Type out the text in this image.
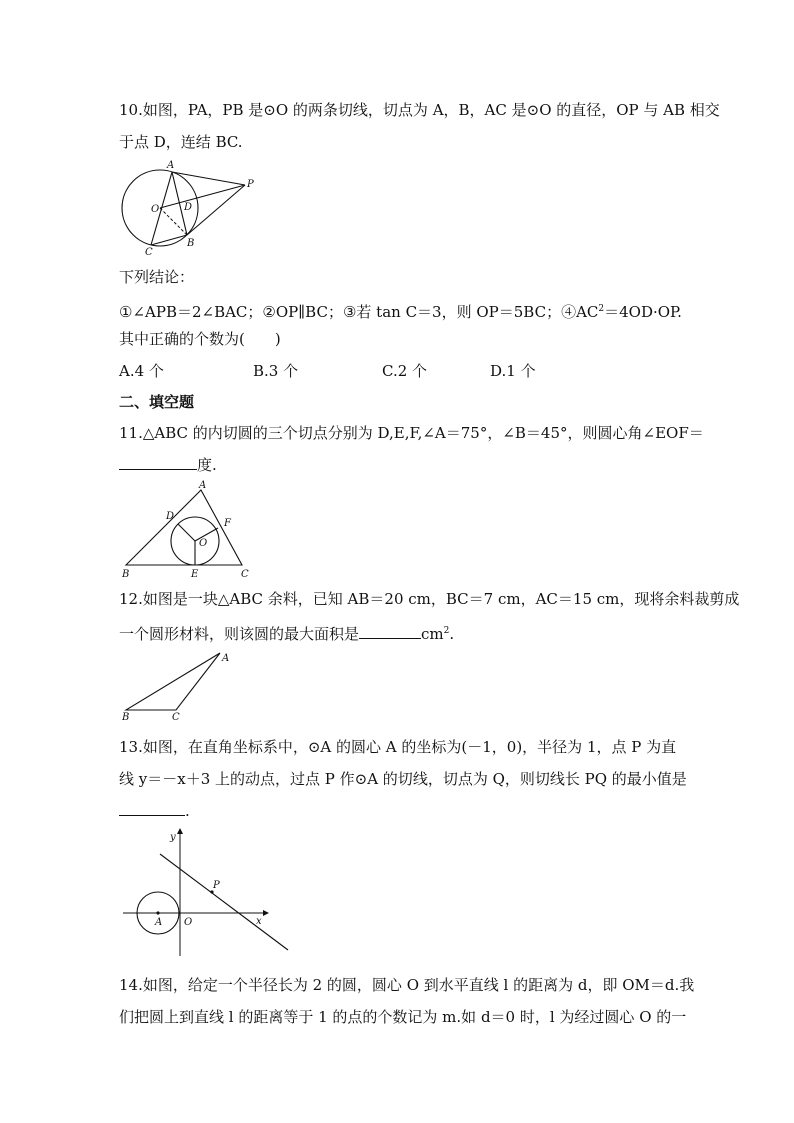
10.如图，PA，PB 是⊙O 的两条切线，切点为 A，B，AC 是⊙O 的直径，OP 与 AB 相交
于点 D，连结 BC.
A
P
O D
C
B
下列结论：
①∠APB＝2∠BAC；②OP∥BC；③若 tan C＝3，则 OP＝5BC；$④AC^2=4OD\cdot OP$.
其中正确的个数为(　　)
A.4 个	B.3 个	C.2 个	D.1 个
二、填空题
11.△ABC 的内切圆的三个切点分别为 D,E,F,∠A＝75°，∠B＝45°，则圆心角∠EOF＝
度.
A
D
F
O
B	E	C
12.如图是一块△ABC 余料，已知 AB＝20 cm，BC＝7 cm，AC＝15 cm，现将余料裁剪成
一个圆形材料，则该圆的最大面积是	$cm^2$.
A
B	C
13.如图，在直角坐标系中，⊙A 的圆心 A 的坐标为(－1，0)，半径为 1，点 P 为直
线 y＝－x＋3 上的动点，过点 P 作⊙A 的切线，切点为 Q，则切线长 PQ 的最小值是
.
y
x
P
A O
14.如图，给定一个半径长为 2 的圆，圆心 O 到水平直线 l 的距离为 d，即 OM＝d.我
们把圆上到直线 l 的距离等于 1 的点的个数记为 m.如 d＝0 时，l 为经过圆心 O 的一
